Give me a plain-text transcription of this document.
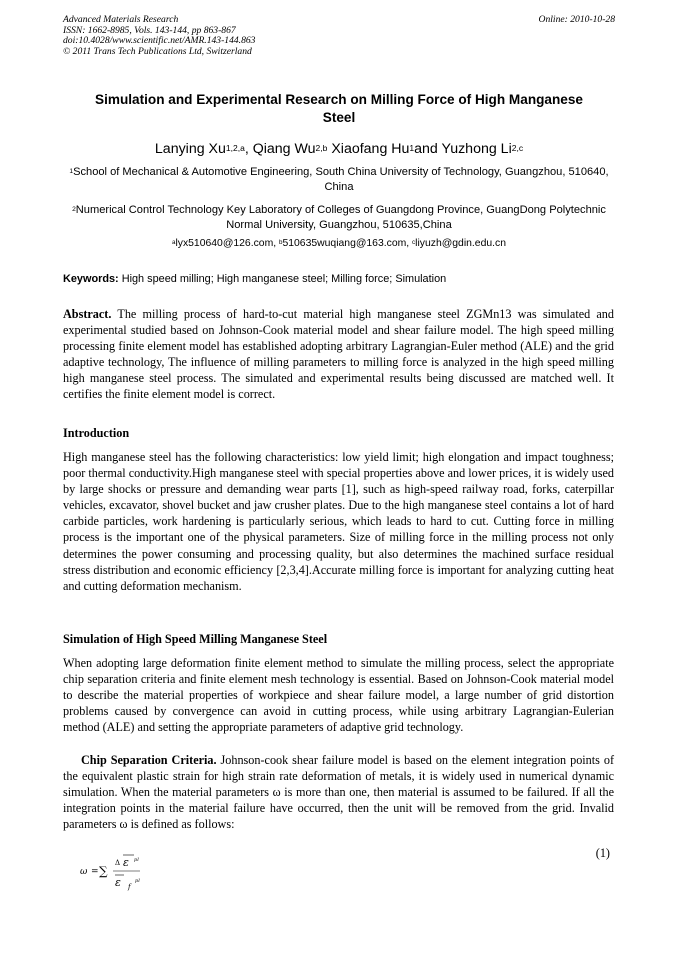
Advanced Materials Research
ISSN: 1662-8985, Vols. 143-144, pp 863-867
doi:10.4028/www.scientific.net/AMR.143-144.863
© 2011 Trans Tech Publications Ltd, Switzerland
Online: 2010-10-28
Simulation and Experimental Research on Milling Force of High Manganese Steel
Lanying Xu$^{1,2,a}$, Qiang Wu$^{2,b}$ Xiaofang Hu$^1$and Yuzhong Li$^{2,c}$
$^1$School of Mechanical & Automotive Engineering, South China University of Technology, Guangzhou, 510640, China
$^2$Numerical Control Technology Key Laboratory of Colleges of Guangdong Province, GuangDong Polytechnic Normal University, Guangzhou, 510635,China
$^a$lyx510640@126.com, $^b$510635wuqiang@163.com, $^c$liyuzh@gdin.edu.cn
Keywords: High speed milling; High manganese steel; Milling force; Simulation
Abstract. The milling process of hard-to-cut material high manganese steel ZGMn13 was simulated and experimental studied based on Johnson-Cook material model and shear failure model. The high speed milling processing finite element model has established adopting arbitrary Lagrangian-Euler method (ALE) and the grid adaptive technology, The influence of milling parameters to milling force is analyzed in the high speed milling high manganese steel process. The simulated and experimental results being discussed are matched well. It certifies the finite element model is correct.
Introduction
High manganese steel has the following characteristics: low yield limit; high elongation and impact toughness; poor thermal conductivity.High manganese steel with special properties above and lower prices, it is widely used by large shocks or pressure and demanding wear parts [1], such as high-speed railway road, forks, caterpillar vehicles, excavator, shovel bucket and jaw crusher plates. Due to the high manganese steel contains a lot of hard carbide particles, work hardening is particularly serious, which leads to hard to cut. Cutting force in milling process is the important one of the physical parameters. Size of milling force in the milling process not only determines the power consuming and processing quality, but also determines the machined surface residual stress distribution and economic efficiency [2,3,4].Accurate milling force is important for analyzing cutting heat and cutting deformation mechanism.
Simulation of High Speed Milling Manganese Steel
When adopting large deformation finite element method to simulate the milling process, select the appropriate chip separation criteria and finite element mesh technology is essential. Based on Johnson-Cook material model to describe the material properties of workpiece and shear failure model, a large number of grid distortion problems caused by convergence can avoid in cutting process, while using arbitrary Lagrangian-Eulerian method (ALE) and setting the appropriate parameters of adaptive grid technology.
Chip Separation Criteria. Johnson-cook shear failure model is based on the element integration points of the equivalent plastic strain for high strain rate deformation of metals, it is widely used in numerical dynamic simulation. When the material parameters ω is more than one, then material is assumed to be failured. If all the integration points in the material failure have occurred, then the unit will be removed from the grid. Invalid parameters ω is defined as follows:
(1)
ω = ∑
Δ ε pl
ε f
pl
